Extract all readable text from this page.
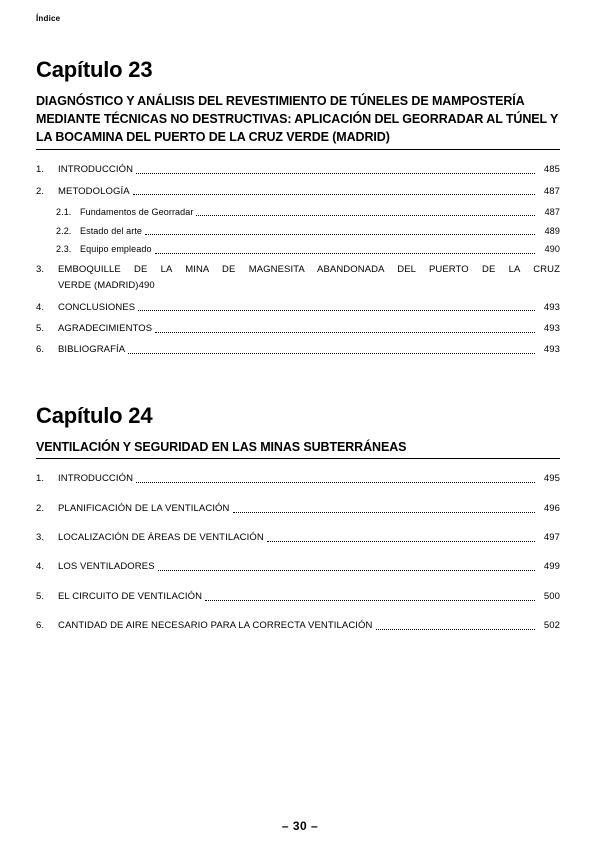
Índice
Capítulo 23
DIAGNÓSTICO Y ANÁLISIS DEL REVESTIMIENTO DE TÚNELES DE MAMPOSTERÍA MEDIANTE TÉCNICAS NO DESTRUCTIVAS: APLICACIÓN DEL GEORRADAR AL TÚNEL Y LA BOCAMINA DEL PUERTO DE LA CRUZ VERDE (MADRID)
1.	INTRODUCCIÓN	485
2.	METODOLOGÍA	487
2.1. Fundamentos de Georradar	487
2.2. Estado del arte	489
2.3. Equipo empleado	490
3.	EMBOQUILLE DE LA MINA DE MAGNESITA ABANDONADA DEL PUERTO DE LA CRUZ
VERDE (MADRID) 490
4.	CONCLUSIONES	493
5.	AGRADECIMIENTOS	493
6.	BIBLIOGRAFÍA	493
Capítulo 24
VENTILACIÓN Y SEGURIDAD EN LAS MINAS SUBTERRÁNEAS
1.	INTRODUCCIÓN	495
2.	PLANIFICACIÓN DE LA VENTILACIÓN	496
3.	LOCALIZACIÓN DE ÁREAS DE VENTILACIÓN	497
4.	LOS VENTILADORES	499
5.	EL CIRCUITO DE VENTILACIÓN	500
6.	CANTIDAD DE AIRE NECESARIO PARA LA CORRECTA VENTILACIÓN	502
– 30 –
